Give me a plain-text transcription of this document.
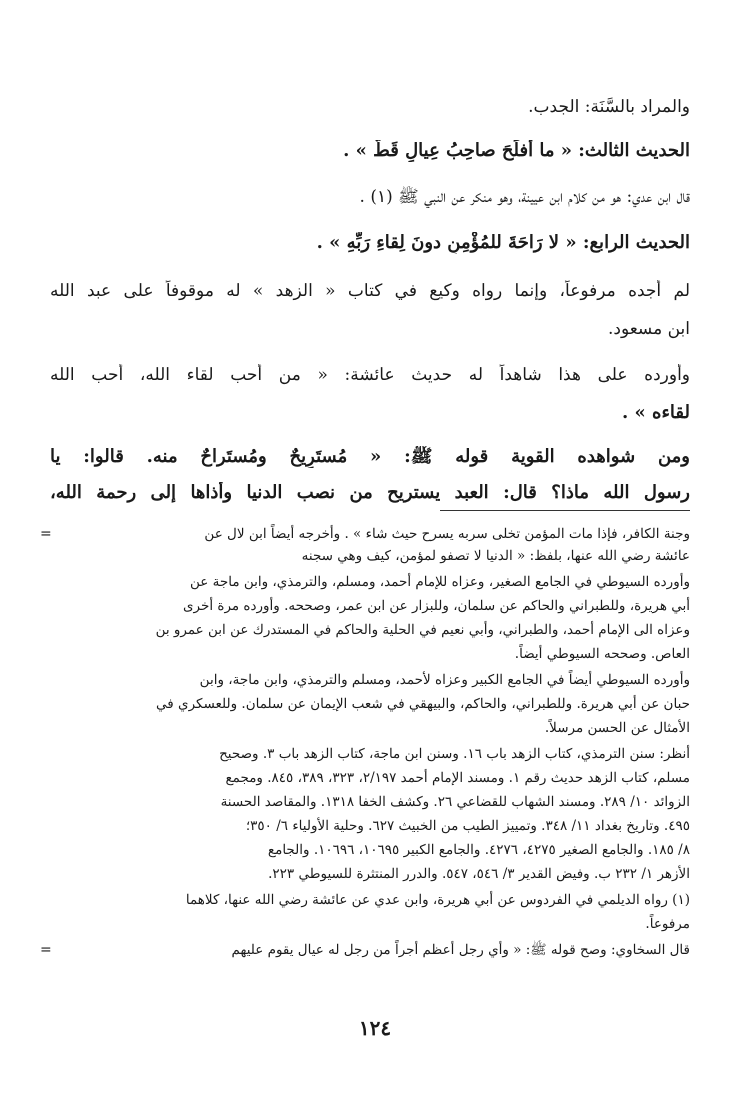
والمراد بالسَّنَة: الجدب.
الحديث الثالث: « ما أفلَحَ صاحِبُ عِيالٍ قَطّ » .
قال ابن عدي: هو من كلام ابن عيينة، وهو منكر عن النبي ﷺ (١) .
الحديث الرابع: « لا رَاحَةَ للمُؤْمِنِ دونَ لِقاءِ رَبِّهِ » .
لم أجده مرفوعاً، وإنما رواه وكيع في كتاب « الزهد » له موقوفاً على عبد الله
ابن مسعود.
وأورده على هذا شاهداً له حديث عائشة: « من أحب لقاء الله، أحب الله
لقاءه » .
ومن شواهده القوية قوله ﷺ: « مُستَرِيحٌ ومُستَراحٌ منه. قالوا: يا
رسول الله ماذا؟ قال: العبد يستريح من نصب الدنيا وأذاها إلى رحمة الله،
=	وجنة الكافر، فإذا مات المؤمن تخلى سربه يسرح حيث شاء » . وأخرجه أيضاً ابن لال عن
عائشة رضي الله عنها، بلفظ: « الدنيا لا تصفو لمؤمن، كيف وهي سجنه
وأورده السيوطي في الجامع الصغير، وعزاه للإمام أحمد، ومسلم، والترمذي، وابن ماجة عن
أبي هريرة، وللطبراني والحاكم عن سلمان، وللبزار عن ابن عمر، وصححه. وأورده مرة أخرى
وعزاه الى الإمام أحمد، والطبراني، وأبي نعيم في الحلية والحاكم في المستدرك عن ابن عمرو بن
العاص. وصححه السيوطي أيضاً.
وأورده السيوطي أيضاً في الجامع الكبير وعزاه لأحمد، ومسلم والترمذي، وابن ماجة، وابن
حبان عن أبي هريرة. وللطبراني، والحاكم، والبيهقي في شعب الإيمان عن سلمان. وللعسكري في
الأمثال عن الحسن مرسلاً.
أنظر: سنن الترمذي، كتاب الزهد باب ١٦. وسنن ابن ماجة، كتاب الزهد باب ٣. وصحيح
مسلم، كتاب الزهد حديث رقم ١. ومسند الإمام أحمد ٢/١٩٧، ٣٢٣، ٣٨٩، ٨٤٥. ومجمع
الزوائد ١٠/ ٢٨٩. ومسند الشهاب للقضاعي ٢٦. وكشف الخفا ١٣١٨. والمقاصد الحسنة
٤٩٥. وتاريخ بغداد ١١/ ٣٤٨. وتمييز الطيب من الخبيث ٦٢٧. وحلية الأولياء ٦/ ٣٥٠؛
٨/ ١٨٥. والجامع الصغير ٤٢٧٥، ٤٢٧٦. والجامع الكبير ١٠٦٩٥، ١٠٦٩٦. والجامع
الأزهر ١/ ٢٣٢ ب. وفيض القدير ٣/ ٥٤٦، ٥٤٧. والدرر المنتثرة للسيوطي ٢٢٣.
(١) رواه الديلمي في الفردوس عن أبي هريرة، وابن عدي عن عائشة رضي الله عنها، كلاهما
مرفوعاً.
قال السخاوي: وصح قوله ﷺ: « وأي رجل أعظم أجراً من رجل له عيال يقوم عليهم
=
١٢٤
